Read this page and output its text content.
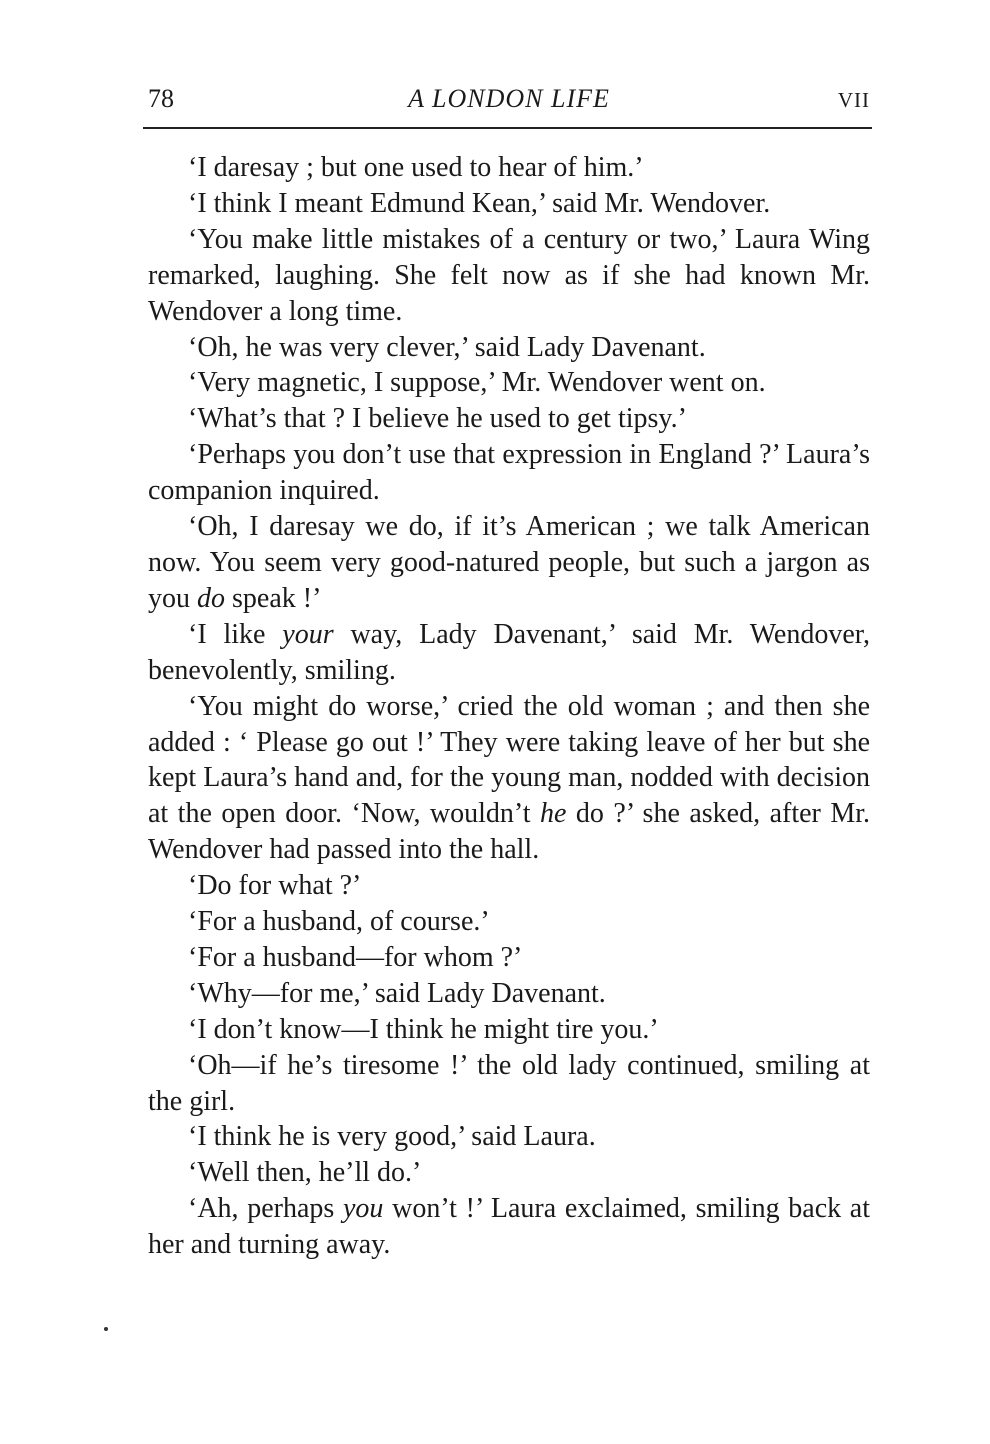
78	A LONDON LIFE	VII

‘I daresay ; but one used to hear of him.’

‘I think I meant Edmund Kean,’ said Mr. Wendover.

‘You make little mistakes of a century or two,’ Laura Wing remarked, laughing. She felt now as if she had known Mr. Wendover a long time.

‘Oh, he was very clever,’ said Lady Davenant.

‘Very magnetic, I suppose,’ Mr. Wendover went on.

‘What’s that ? I believe he used to get tipsy.’

‘Perhaps you don’t use that expression in England ?’ Laura’s companion inquired.

‘Oh, I daresay we do, if it’s American ; we talk American now. You seem very good-natured people, but such a jargon as you do speak !’

‘I like your way, Lady Davenant,’ said Mr. Wendover, benevolently, smiling.

‘You might do worse,’ cried the old woman ; and then she added : ‘ Please go out !’ They were taking leave of her but she kept Laura’s hand and, for the young man, nodded with decision at the open door. ‘Now, wouldn’t he do ?’ she asked, after Mr. Wendover had passed into the hall.

‘Do for what ?’

‘For a husband, of course.’

‘For a husband—for whom ?’

‘Why—for me,’ said Lady Davenant.

‘I don’t know—I think he might tire you.’

‘Oh—if he’s tiresome !’ the old lady continued, smiling at the girl.

‘I think he is very good,’ said Laura.

‘Well then, he’ll do.’

‘Ah, perhaps you won’t !’ Laura exclaimed, smiling back at her and turning away.
